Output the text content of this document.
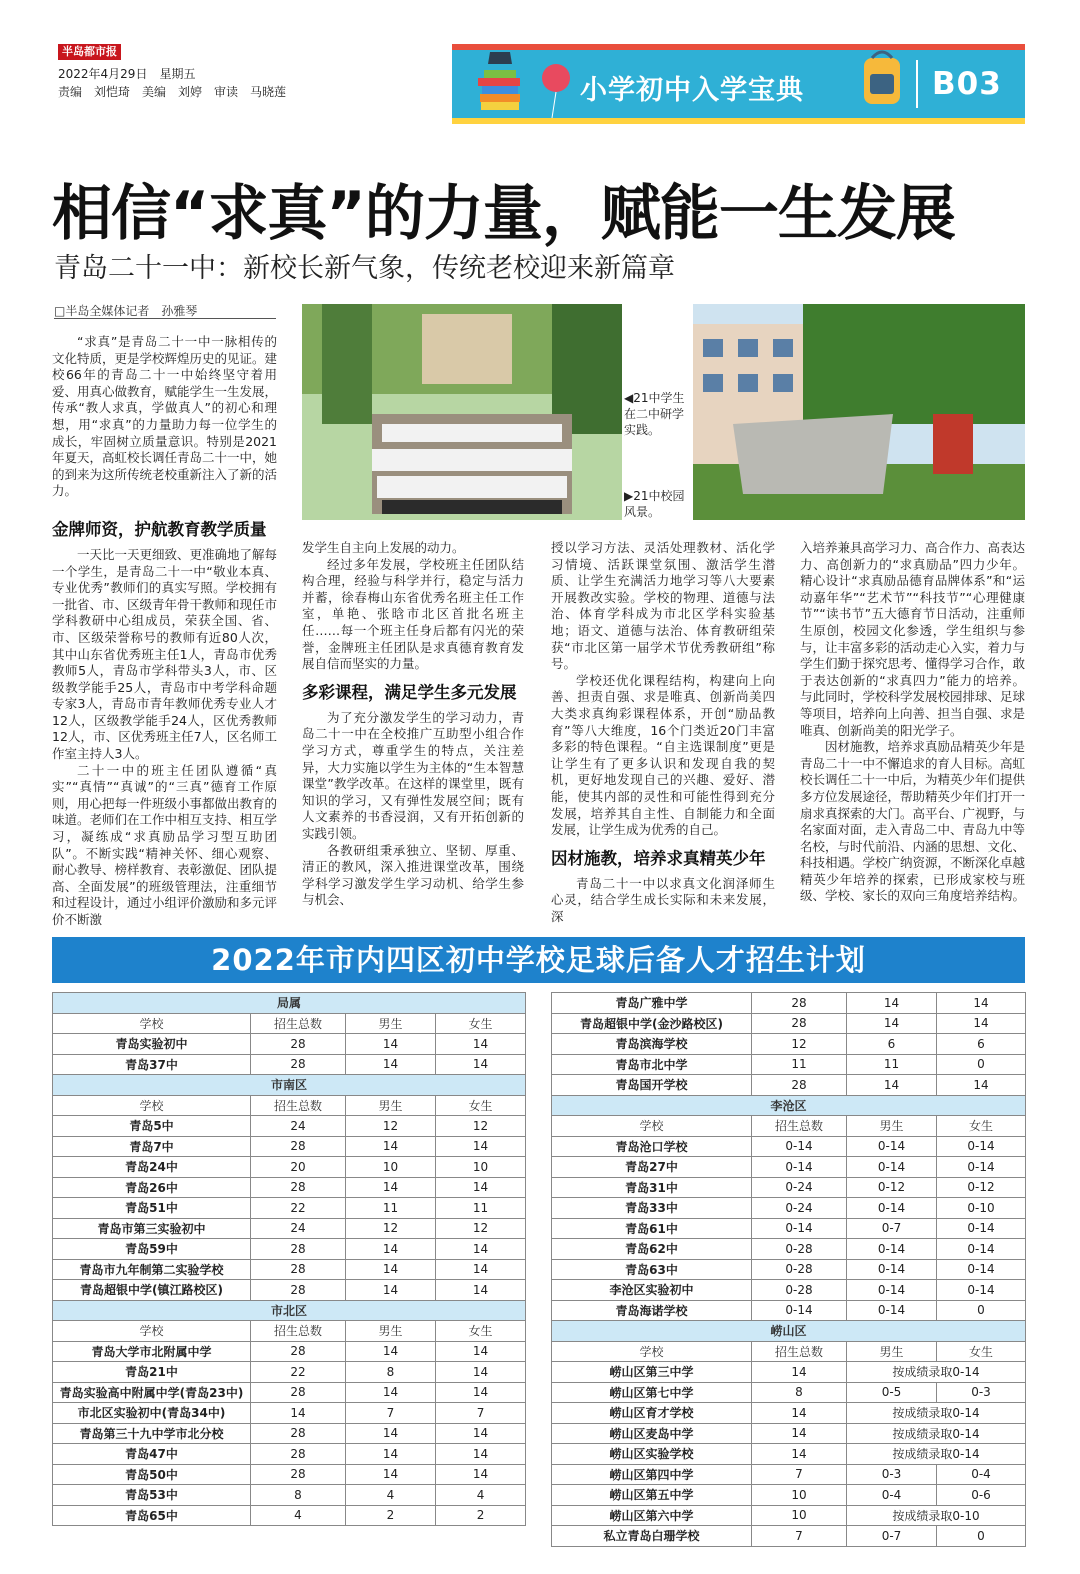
半岛都市报
2022年4月29日　星期五
责编　刘恺琦　美编　刘婷　审读　马晓莲	小学初中入学宝典	B03
相信“求真”的力量，赋能一生发展
青岛二十一中：新校长新气象，传统老校迎来新篇章
□半岛全媒体记者　孙雅琴

“求真”是青岛二十一中一脉相传的文化特质，更是学校辉煌历史的见证。建校66年的青岛二十一中始终坚守着用爱、用真心做教育，赋能学生一生发展，传承“教人求真，学做真人”的初心和理想，用“求真”的力量助力每一位学生的成长，牢固树立质量意识。特别是2021年夏天，高虹校长调任青岛二十一中，她的到来为这所传统老校重新注入了新的活力。

金牌师资，护航教育教学质量

一天比一天更细致、更准确地了解每一个学生，是青岛二十一中“敬业本真、专业优秀”教师们的真实写照。学校拥有一批省、市、区级青年骨干教师和现任市学科教研中心组成员，荣获全国、省、市、区级荣誉称号的教师有近80人次，其中山东省优秀班主任1人，青岛市优秀教师5人，青岛市学科带头3人，市、区级教学能手25人，青岛市中考学科命题专家3人，青岛市青年教师优秀专业人才12人，区级教学能手24人，区优秀教师12人，市、区优秀班主任7人，区名师工作室主持人3人。

二十一中的班主任团队遵循“真实”“真情”“真诚”的“三真”德育工作原则，用心把每一件班级小事都做出教育的味道。老师们在工作中相互支持、相互学习，凝练成“求真励品学习型互助团队”。不断实践“精神关怀、细心观察、耐心教导、榜样教育、表彰激促、团队提高、全面发展”的班级管理法，注重细节和过程设计，通过小组评价激励和多元评价不断激

◀21中学生在二中研学实践。
▶21中校园风景。

发学生自主向上发展的动力。

经过多年发展，学校班主任团队结构合理，经验与科学并行，稳定与活力并蓄，徐春梅山东省优秀名班主任工作室，单艳、张晗市北区首批名班主任……每一个班主任身后都有闪光的荣誉，金牌班主任团队是求真德育教育发展自信而坚实的力量。

多彩课程，满足学生多元发展

为了充分激发学生的学习动力，青岛二十一中在全校推广互助型小组合作学习方式，尊重学生的特点，关注差异，大力实施以学生为主体的“生本智慧课堂”教学改革。在这样的课堂里，既有知识的学习，又有弹性发展空间；既有人文素养的书香浸润，又有开拓创新的实践引领。

各教研组秉承独立、坚韧、厚重、清正的教风，深入推进课堂改革，围绕学科学习激发学生学习动机、给学生参与机会、

授以学习方法、灵活处理教材、活化学习情境、活跃课堂氛围、激活学生潜质、让学生充满活力地学习等八大要素开展教改实验。学校的物理、道德与法治、体育学科成为市北区学科实验基地；语文、道德与法治、体育教研组荣获“市北区第一届学术节优秀教研组”称号。

学校还优化课程结构，构建向上向善、担责自强、求是唯真、创新尚美四大类求真绚彩课程体系，开创“励品教育”等八大维度，16个门类近20门丰富多彩的特色课程。“自主选课制度”更是让学生有了更多认识和发现自我的契机，更好地发现自己的兴趣、爱好、潜能，使其内部的灵性和可能性得到充分发展，培养其自主性、自制能力和全面发展，让学生成为优秀的自己。

因材施教，培养求真精英少年

青岛二十一中以求真文化润泽师生心灵，结合学生成长实际和未来发展，深

入培养兼具高学习力、高合作力、高表达力、高创新力的“求真励品”四力少年。精心设计“求真励品德育品牌体系”和“运动嘉年华”“艺术节”“科技节”“心理健康节”“读书节”五大德育节日活动，注重师生原创，校园文化参透，学生组织与参与，让丰富多彩的活动走心入实，着力与学生们勤于探究思考、懂得学习合作，敢于表达创新的“求真四力”能力的培养。与此同时，学校科学发展校园排球、足球等项目，培养向上向善、担当自强、求是唯真、创新尚美的阳光学子。

因材施教，培养求真励品精英少年是青岛二十一中不懈追求的育人目标。高虹校长调任二十一中后，为精英少年们提供多方位发展途径，帮助精英少年们打开一扇求真探索的大门。高平台、广视野，与名家面对面，走入青岛二中、青岛九中等名校，与时代前沿、内涵的思想、文化、科技相遇。学校广纳资源，不断深化卓越精英少年培养的探索，已形成家校与班级、学校、家长的双向三角度培养结构。

2022年市内四区初中学校足球后备人才招生计划
局属			
学校	招生总数	男生	女生
青岛实验初中	28	14	14
青岛37中	28	14	14
市南区			
学校	招生总数	男生	女生
青岛5中	24	12	12
青岛7中	28	14	14
青岛24中	20	10	10
青岛26中	28	14	14
青岛51中	22	11	11
青岛市第三实验初中	24	12	12
青岛59中	28	14	14
青岛市九年制第二实验学校	28	14	14
青岛超银中学(镇江路校区)	28	14	14
市北区			
学校	招生总数	男生	女生
青岛大学市北附属中学	28	14	14
青岛21中	22	8	14
青岛实验高中附属中学(青岛23中)	28	14	14
市北区实验初中(青岛34中)	14	7	7
青岛第三十九中学市北分校	28	14	14
青岛47中	28	14	14
青岛50中	28	14	14
青岛53中	8	4	4
青岛65中	4	2	2
青岛广雅中学	28	14	14
青岛超银中学(金沙路校区)	28	14	14
青岛滨海学校	12	6	6
青岛市北中学	11	11	0
青岛国开学校	28	14	14
李沧区			
学校	招生总数	男生	女生
青岛沧口学校	0-14	0-14	0-14
青岛27中	0-14	0-14	0-14
青岛31中	0-24	0-12	0-12
青岛33中	0-24	0-14	0-10
青岛61中	0-14	0-7	0-14
青岛62中	0-28	0-14	0-14
青岛63中	0-28	0-14	0-14
李沧区实验初中	0-28	0-14	0-14
青岛海诺学校	0-14	0-14	0
崂山区			
学校	招生总数	男生	女生
崂山区第三中学	14	按成绩录取0-14	
崂山区第七中学	8	0-5	0-3
崂山区育才学校	14	按成绩录取0-14	
崂山区麦岛中学	14	按成绩录取0-14	
崂山区实验学校	14	按成绩录取0-14	
崂山区第四中学	7	0-3	0-4
崂山区第五中学	10	0-4	0-6
崂山区第六中学	10	按成绩录取0-10	
私立青岛白珊学校	7	0-7	0
